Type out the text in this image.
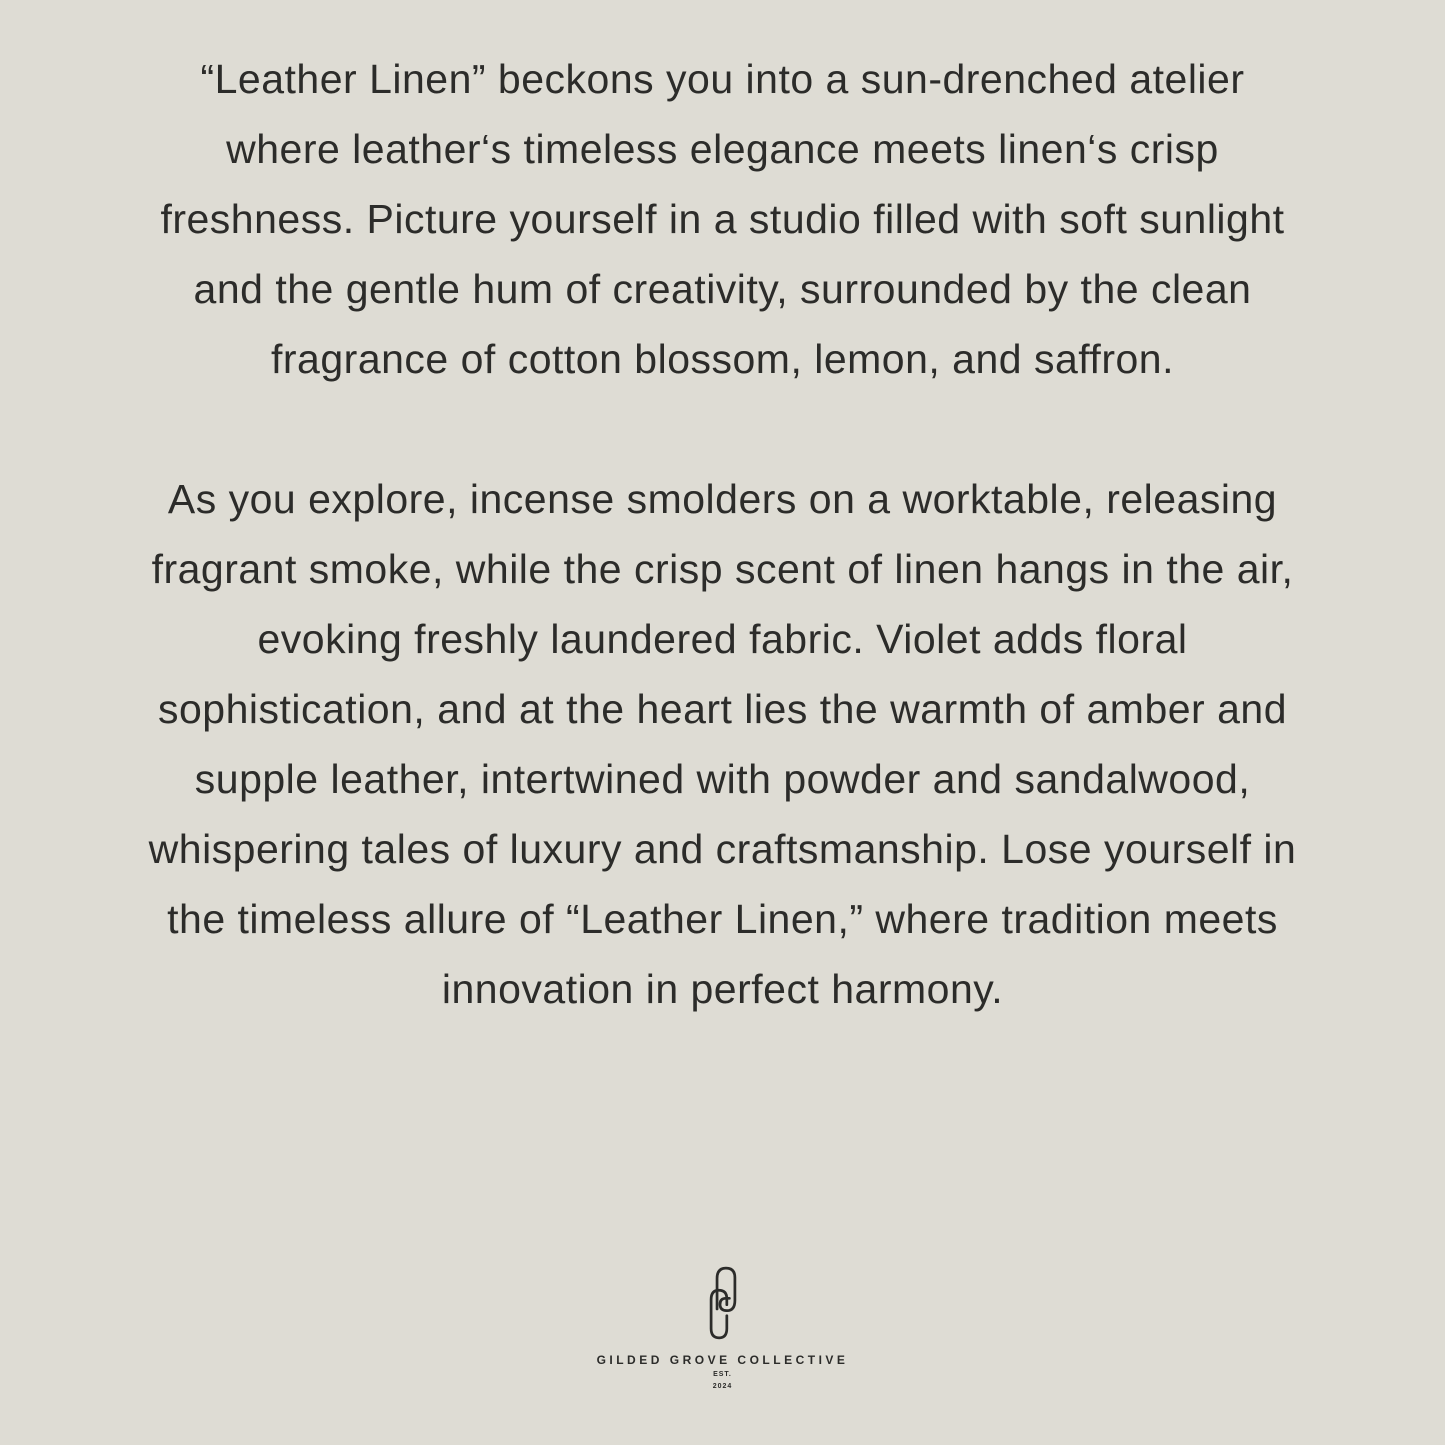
“Leather Linen” beckons you into a sun-drenched atelier
where leather‘s timeless elegance meets linen‘s crisp
freshness. Picture yourself in a studio filled with soft sunlight
and the gentle hum of creativity, surrounded by the clean
fragrance of cotton blossom, lemon, and saffron.
As you explore, incense smolders on a worktable, releasing
fragrant smoke, while the crisp scent of linen hangs in the air,
evoking freshly laundered fabric. Violet adds floral
sophistication, and at the heart lies the warmth of amber and
supple leather, intertwined with powder and sandalwood,
whispering tales of luxury and craftsmanship. Lose yourself in
the timeless allure of “Leather Linen,” where tradition meets
innovation in perfect harmony.
GILDED GROVE COLLECTIVE
EST.
2024
